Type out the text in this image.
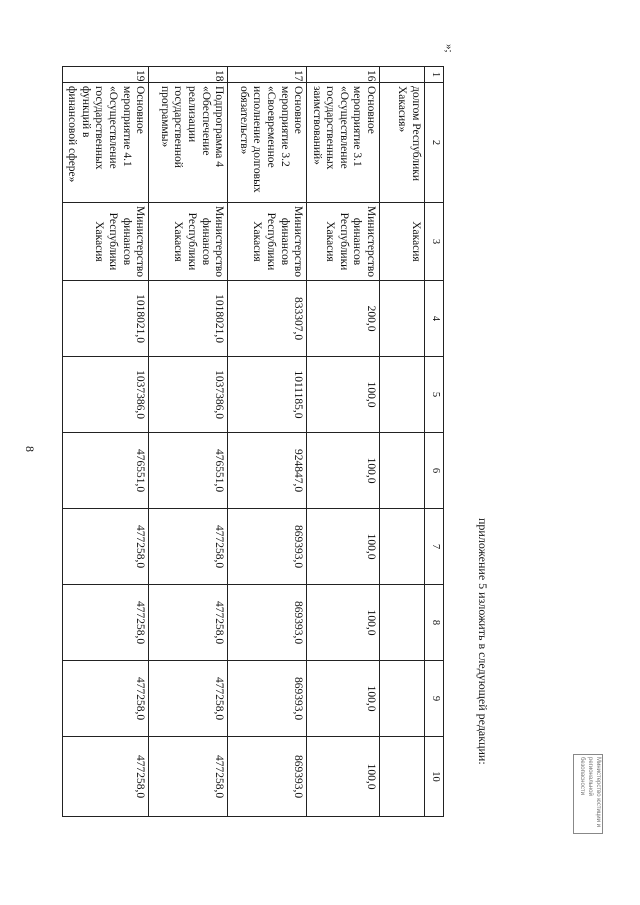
8
1	2	3	4	5	6	7	8	9	10
	долгом Республики Хакасия»	Хакасия							
16	Основное мероприятие 3.1 «Осуществление государственных заимствований»	Министерство финансов Республики Хакасия	200,0	100,0	100,0	100,0	100,0	100,0	100,0
17	Основное мероприятие 3.2 «Своевременное исполнение долговых обязательств»	Министерство финансов Республики Хакасия	833307,0	1011185,0	924847,0	869393,0	869393,0	869393,0	869393,0
18	Подпрограмма 4 «Обеспечение реализации государственной программы»	Министерство финансов Республики Хакасия	1018021,0	1037386,0	476551,0	477258,0	477258,0	477258,0	477258,0
19	Основное мероприятие 4.1 «Осуществление государственных функций в финансовой сфере»	Министерство финансов Республики Хакасия	1018021,0	1037386,0	476551,0	477258,0	477258,0	477258,0	477258,0
»;
приложение 5 изложить в следующей редакции:
Министерство юстиции и региональной безопасности
